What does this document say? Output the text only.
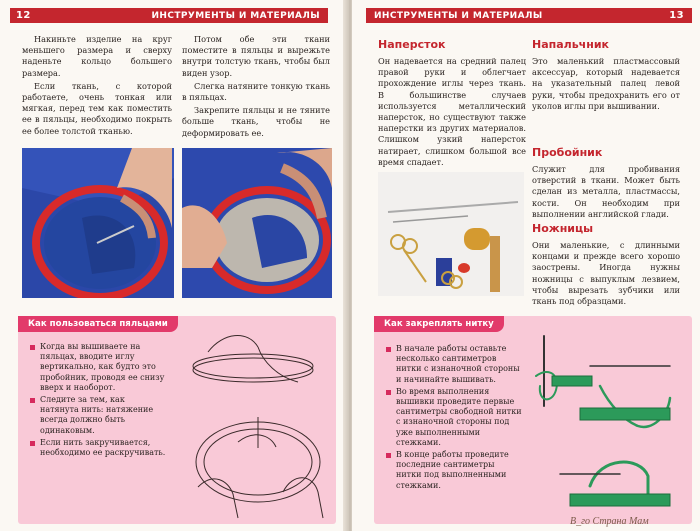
12	ИНСТРУМЕНТЫ И МАТЕРИАЛЫ

Накиньте изделие на круг меньшего размера и сверху наденьте кольцо большего размера.

Если ткань, с которой работаете, очень тонкая или мягкая, перед тем как поместить ее в пяльцы, необходимо покрыть ее более толстой тканью.

Потом обе эти ткани поместите в пяльцы и вырежьте внутри толстую ткань, чтобы был виден узор.

Слегка натяните тонкую ткань в пяльцах.

Закрепите пяльцы и не тяните больше ткань, чтобы не деформировать ее.

Как пользоваться пяльцами
Когда вы вышиваете на пяльцах, вводите иглу вертикально, как будто это пробойник, проводя ее снизу вверх и наоборот.
Следите за тем, как натянута нить: натяжение всегда должно быть одинаковым.
Если нить закручивается, необходимо ее раскручивать.
ИНСТРУМЕНТЫ И МАТЕРИАЛЫ	13
Наперсток

Он надевается на средний палец правой руки и облегчает прохождение иглы через ткань. В большинстве случаев используется металлический наперсток, но существуют также наперстки из других материалов. Слишком узкий наперсток натирает, слишком большой все время спадает.

Напальчник

Это маленький пластмассовый аксессуар, который надевается на указательный палец левой руки, чтобы предохранить его от уколов иглы при вышивании.

Пробойник

Служит для пробивания отверстий в ткани. Может быть сделан из металла, пластмассы, кости. Он необходим при выполнении английской глади.

Ножницы

Они маленькие, с длинными концами и прежде всего хорошо заострены. Иногда нужны ножницы с выпуклым лезвием, чтобы вырезать зубчики или ткань под образцами.

Как закреплять нитку
В начале работы оставьте несколько сантиметров нитки с изнаночной стороны и начинайте вышивать.
Во время выполнения вышивки проведите первые сантиметры свободной нитки с изнаночной стороны под уже выполненными стежками.
В конце работы проведите последние сантиметры нитки под выполненными стежками.
В_го Страна Мам
